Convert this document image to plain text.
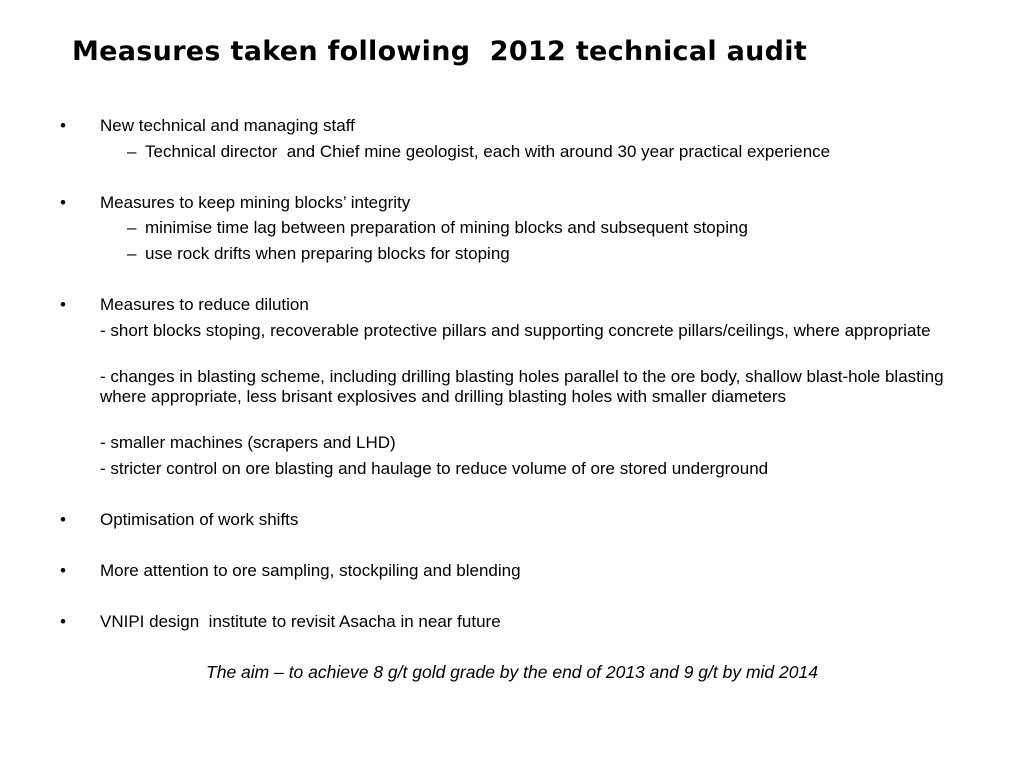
Measures taken following  2012 technical audit
• New technical and managing staff
– Technical director  and Chief mine geologist, each with around 30 year practical experience
• Measures to keep mining blocks’ integrity
– minimise time lag between preparation of mining blocks and subsequent stoping
– use rock drifts when preparing blocks for stoping
• Measures to reduce dilution
- short blocks stoping, recoverable protective pillars and supporting concrete pillars/ceilings, where appropriate
- changes in blasting scheme, including drilling blasting holes parallel to the ore body, shallow blast-hole blasting where appropriate, less brisant explosives and drilling blasting holes with smaller diameters
- smaller machines (scrapers and LHD)
- stricter control on ore blasting and haulage to reduce volume of ore stored underground
• Optimisation of work shifts
• More attention to ore sampling, stockpiling and blending
• VNIPI design  institute to revisit Asacha in near future
The aim – to achieve 8 g/t gold grade by the end of 2013 and 9 g/t by mid 2014
